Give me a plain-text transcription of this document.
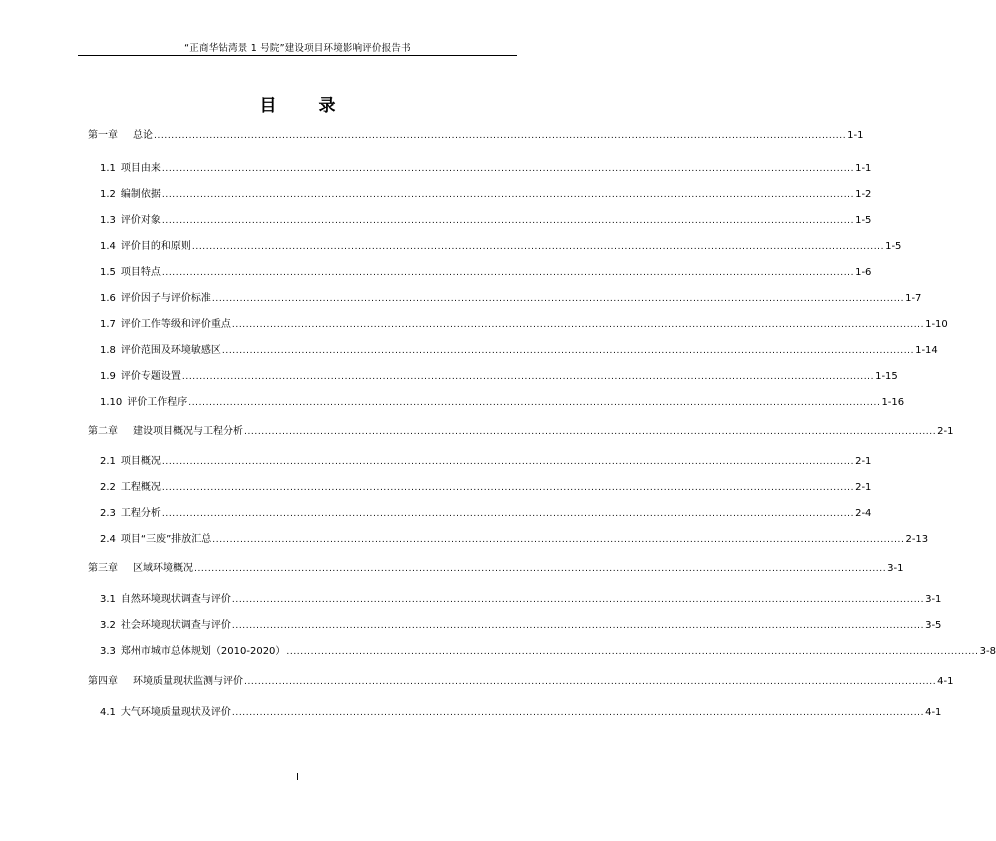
“正商华钻湾景 1 号院”建设项目环境影响评价报告书
目 录
第一章
   总论 ........................................................................................................................................................................................................ 1-1
1.1
  项目由来 ........................................................................................................................................................................................................ 1-1
1.2
  编制依据 ........................................................................................................................................................................................................ 1-2
1.3
  评价对象 ........................................................................................................................................................................................................ 1-5
1.4
  评价目的和原则 ........................................................................................................................................................................................................ 1-5
1.5
  项目特点 ........................................................................................................................................................................................................ 1-6
1.6
  评价因子与评价标准 ........................................................................................................................................................................................................ 1-7
1.7
  评价工作等级和评价重点 ........................................................................................................................................................................................................ 1-10
1.8
  评价范围及环境敏感区 ........................................................................................................................................................................................................ 1-14
1.9
  评价专题设置 ........................................................................................................................................................................................................ 1-15
1.10
  评价工作程序 ........................................................................................................................................................................................................ 1-16
第二章
   建设项目概况与工程分析 ........................................................................................................................................................................................................ 2-1
2.1
  项目概况 ........................................................................................................................................................................................................ 2-1
2.2
  工程概况 ........................................................................................................................................................................................................ 2-1
2.3
  工程分析 ........................................................................................................................................................................................................ 2-4
2.4
  项目“三废”排放汇总 ........................................................................................................................................................................................................ 2-13
第三章
   区域环境概况 ........................................................................................................................................................................................................ 3-1
3.1
  自然环境现状调查与评价 ........................................................................................................................................................................................................ 3-1
3.2
  社会环境现状调查与评价 ........................................................................................................................................................................................................ 3-5
3.3
  郑州市城市总体规划（2010-2020） ........................................................................................................................................................................................................ 3-8
第四章
   环境质量现状监测与评价 ........................................................................................................................................................................................................ 4-1
4.1
  大气环境质量现状及评价 ........................................................................................................................................................................................................ 4-1
I
